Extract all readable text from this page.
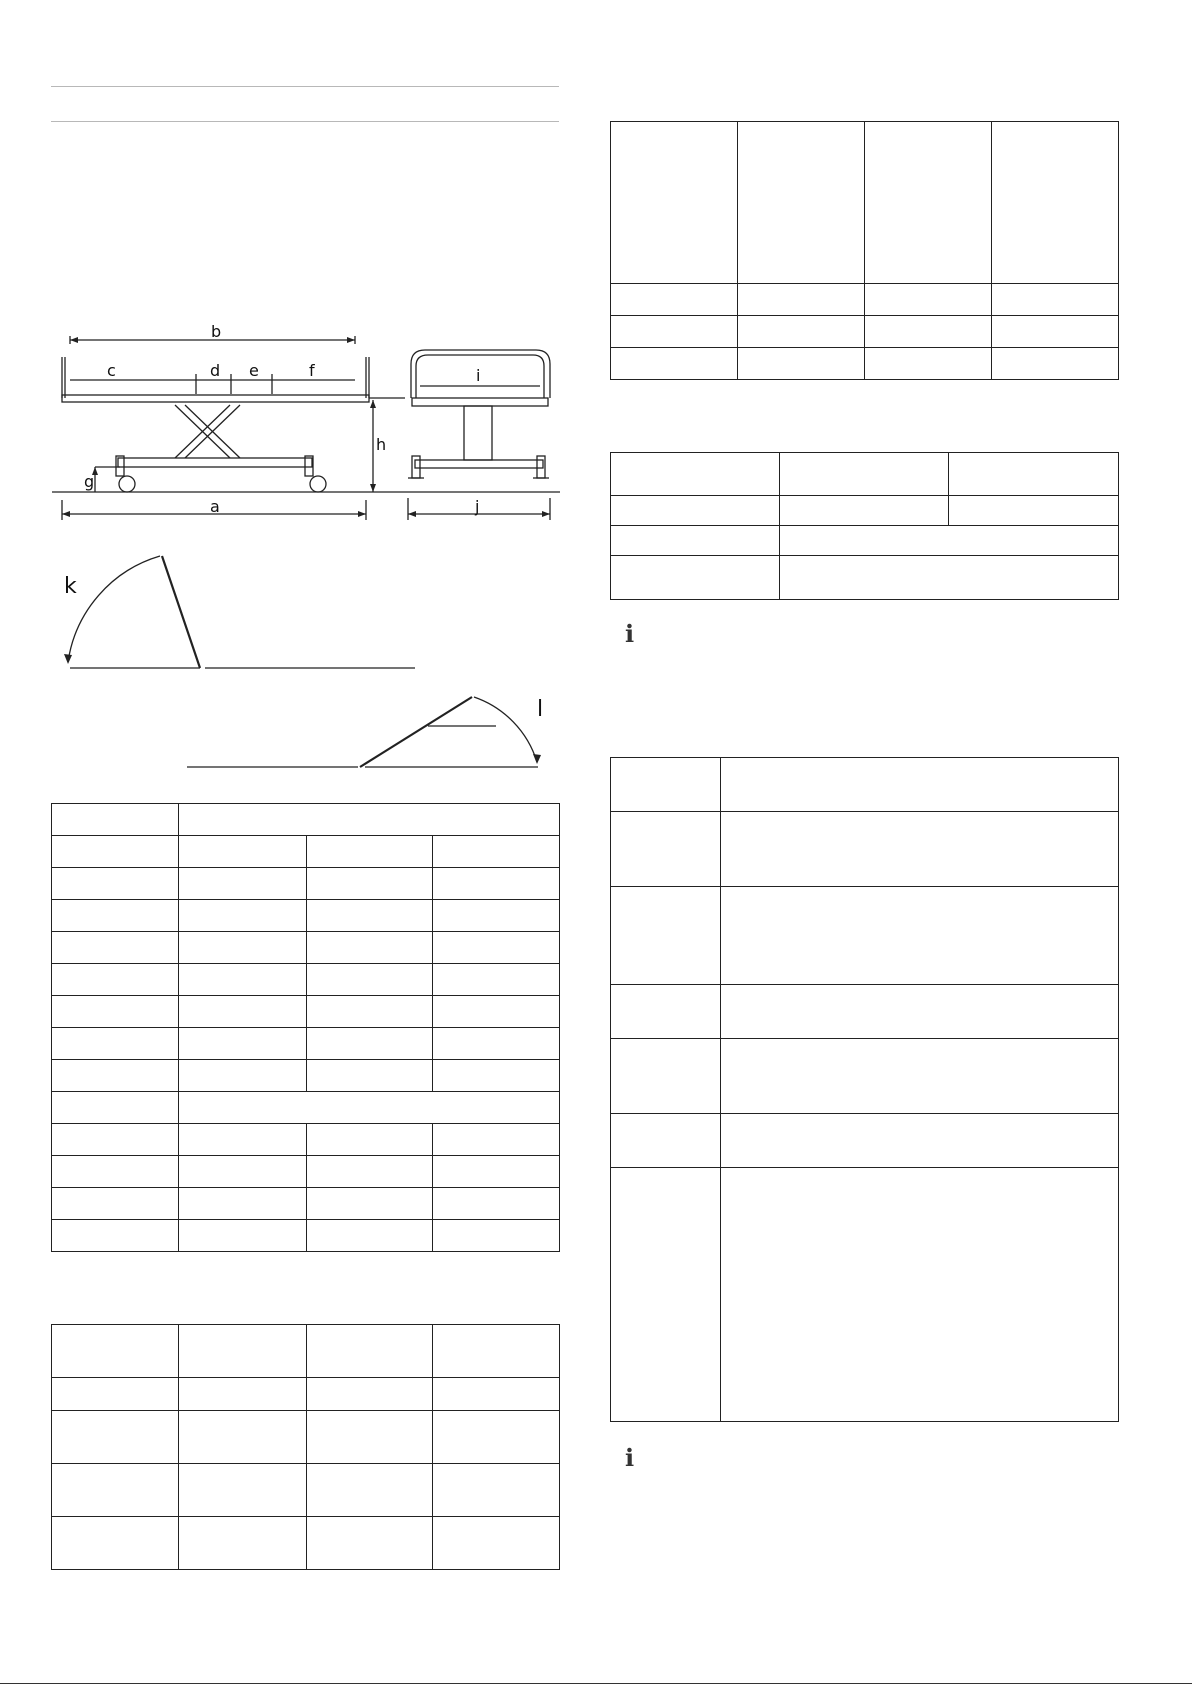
b
c	d e	f
g
h
a
i
j
k
l

ℹ

ℹ
